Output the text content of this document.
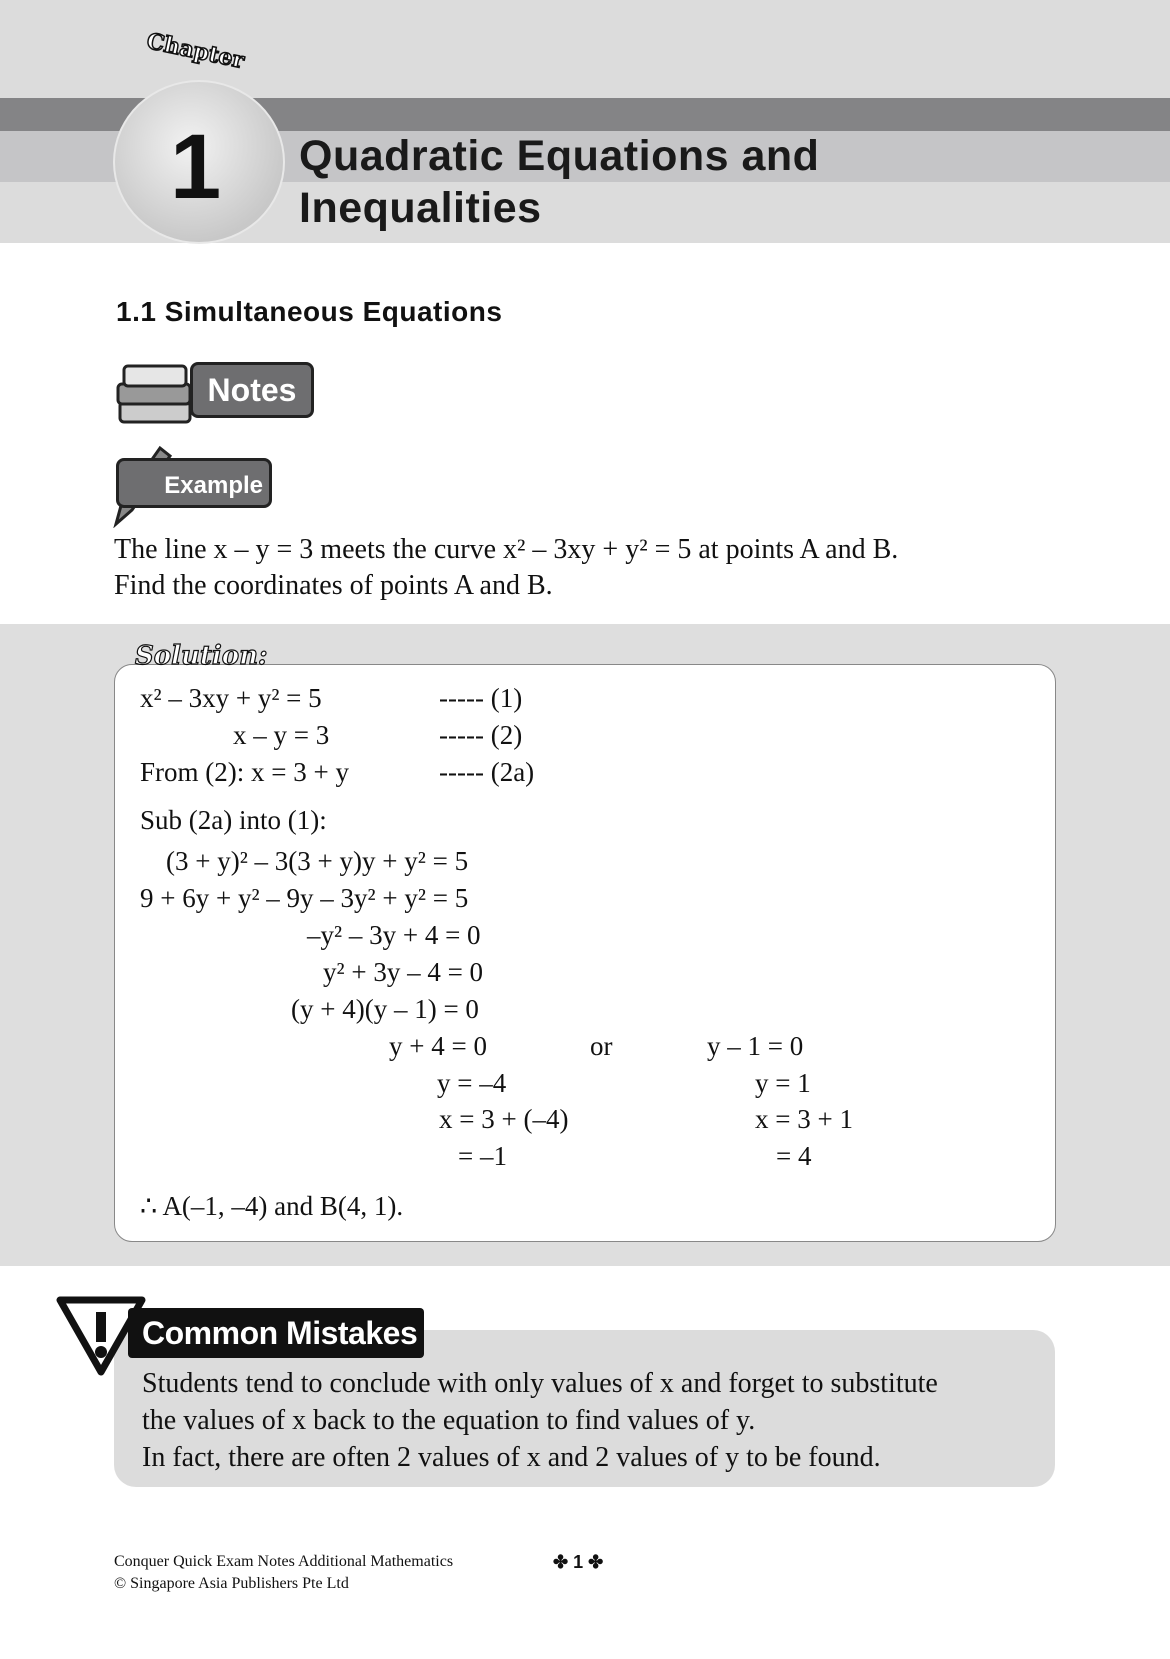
Chapter
1 Quadratic Equations and
Inequalities
1.1 Simultaneous Equations
Notes
Example
The line x – y = 3 meets the curve x² – 3xy + y² = 5 at points A and B.
Find the coordinates of points A and B.
Solution:
x² – 3xy + y² = 5	----- (1)
x – y = 3	----- (2)
From (2): x = 3 + y	----- (2a)
Sub (2a) into (1):
(3 + y)² – 3(3 + y)y + y² = 5
9 + 6y + y² – 9y – 3y² + y² = 5
–y² – 3y + 4 = 0
y² + 3y – 4 = 0
(y + 4)(y – 1) = 0
y + 4 = 0	or	y – 1 = 0
y = –4	y = 1
x = 3 + (–4)	x = 3 + 1
= –1	= 4
∴ A(–1, –4) and B(4, 1).
Common Mistakes
Students tend to conclude with only values of x and forget to substitute
the values of x back to the equation to find values of y.
In fact, there are often 2 values of x and 2 values of y to be found.
Conquer Quick Exam Notes Additional Mathematics
© Singapore Asia Publishers Pte Ltd
✤ 1 ✤
